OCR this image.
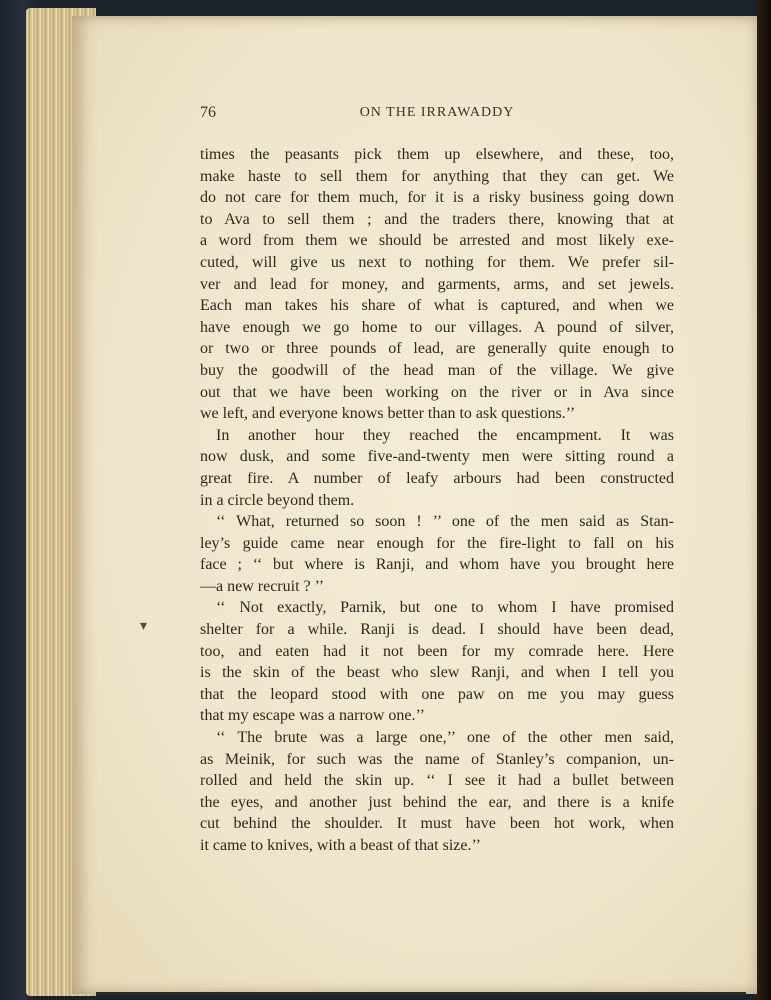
76	ON THE IRRAWADDY
▾
times the peasants pick them up elsewhere, and these, too,
make haste to sell them for anything that they can get. We
do not care for them much, for it is a risky business going down
to Ava to sell them ; and the traders there, knowing that at
a word from them we should be arrested and most likely exe-
cuted, will give us next to nothing for them. We prefer sil-
ver and lead for money, and garments, arms, and set jewels.
Each man takes his share of what is captured, and when we
have enough we go home to our villages. A pound of silver,
or two or three pounds of lead, are generally quite enough to
buy the goodwill of the head man of the village. We give
out that we have been working on the river or in Ava since
we left, and everyone knows better than to ask questions.’’
In another hour they reached the encampment. It was
now dusk, and some five-and-twenty men were sitting round a
great fire. A number of leafy arbours had been constructed
in a circle beyond them.
‘‘ What, returned so soon ! ’’ one of the men said as Stan-
ley’s guide came near enough for the fire-light to fall on his
face ; ‘‘ but where is Ranji, and whom have you brought here
—a new recruit ? ’’
‘‘ Not exactly, Parnik, but one to whom I have promised
shelter for a while. Ranji is dead. I should have been dead,
too, and eaten had it not been for my comrade here. Here
is the skin of the beast who slew Ranji, and when I tell you
that the leopard stood with one paw on me you may guess
that my escape was a narrow one.’’
‘‘ The brute was a large one,’’ one of the other men said,
as Meinik, for such was the name of Stanley’s companion, un-
rolled and held the skin up. ‘‘ I see it had a bullet between
the eyes, and another just behind the ear, and there is a knife
cut behind the shoulder. It must have been hot work, when
it came to knives, with a beast of that size.’’
